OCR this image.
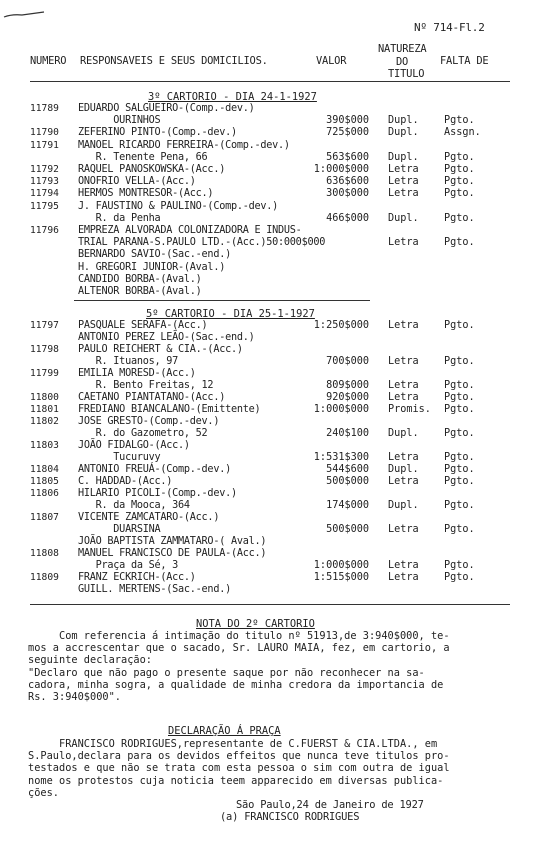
Nº 714-Fl.2
NUMERO RESPONSAVEIS E SEUS DOMICILIOS.	VALOR
NATUREZA
DO
TITULO
FALTA DE
3º CARTORIO - DIA 24-1-1927
11789 EDUARDO SALGUEIRO-(Comp.-dev.)
OURINHOS	390$000 Dupl. Pgto.
11790 ZEFERINO PINTO-(Comp.-dev.)	725$000 Dupl. Assgn.
11791 MANOEL RICARDO FERREIRA-(Comp.-dev.)
R. Tenente Pena, 66	563$600 Dupl. Pgto.
11792 RAQUEL PANOSKOWSKA-(Acc.)	1:000$000 Letra Pgto.
11793 ONOFRIO VELLA-(Acc.)	636$600 Letra Pgto.
11794 HERMOS MONTRESOR-(Acc.)	300$000 Letra Pgto.
11795 J. FAUSTINO & PAULINO-(Comp.-dev.)
R. da Penha	466$000 Dupl. Pgto.
11796 EMPREZA ALVORADA COLONIZADORA E INDUS-
TRIAL PARANA-S.PAULO LTD.-(Acc.)50:000$000	Letra Pgto.
BERNARDO SAVIO-(Sac.-end.)
H. GREGORI JUNIOR-(Aval.)
CANDIDO BORBA-(Aval.)
ALTENOR BORBA-(Aval.)
5º CARTORIO - DIA 25-1-1927
11797 PASQUALE SERAFA-(Acc.)	1:250$000 Letra Pgto.
ANTONIO PEREZ LEÃO-(Sac.-end.)
11798 PAULO REICHERT & CIA.-(Acc.)
R. Ituanos, 97	700$000 Letra Pgto.
11799 EMILIA MORESD-(Acc.)
R. Bento Freitas, 12	809$000 Letra Pgto.
11800 CAETANO PIANTATANO-(Acc.)	920$000 Letra Pgto.
11801 FREDIANO BIANCALANO-(Emittente)	1:000$000 Promis. Pgto.
11802 JOSE GRESTO-(Comp.-dev.)
R. do Gazometro, 52	240$100 Dupl. Pgto.
11803 JOÃO FIDALGO-(Acc.)
Tucuruvy	1:531$300 Letra Pgto.
11804 ANTONIO FREUÁ-(Comp.-dev.)	544$600 Dupl. Pgto.
11805 C. HADDAD-(Acc.)	500$000 Letra Pgto.
11806 HILARIO PICOLI-(Comp.-dev.)
R. da Mooca, 364	174$000 Dupl. Pgto.
11807 VICENTE ZAMCATARO-(Acc.)
DUARSINA	500$000 Letra Pgto.
JOÃO BAPTISTA ZAMMATARO-( Aval.)
11808 MANUEL FRANCISCO DE PAULA-(Acc.)
Praça da Sé, 3	1:000$000 Letra Pgto.
11809 FRANZ ECKRICH-(Acc.)	1:515$000 Letra Pgto.
GUILL. MERTENS-(Sac.-end.)
NOTA DO 2º CARTORIO
Com referencia á intimação do titulo nº 51913,de 3:940$000, te-
mos a accrescentar que o sacado, Sr. LAURO MAIA, fez, em cartorio, a
seguinte declaração:
"Declaro que não pago o presente saque por não reconhecer na sa-
cadora, minha sogra, a qualidade de minha credora da importancia de
Rs. 3:940$000".
DECLARAÇÃO Á PRAÇA
FRANCISCO RODRIGUES,representante de C.FUERST & CIA.LTDA., em
S.Paulo,declara para os devidos effeitos que nunca teve titulos pro-
testados e que não se trata com esta pessoa o sim com outra de igual
nome os protestos cuja noticia teem apparecido em diversas publica-
ções.
São Paulo,24 de Janeiro de 1927
(a) FRANCISCO RODRIGUES
